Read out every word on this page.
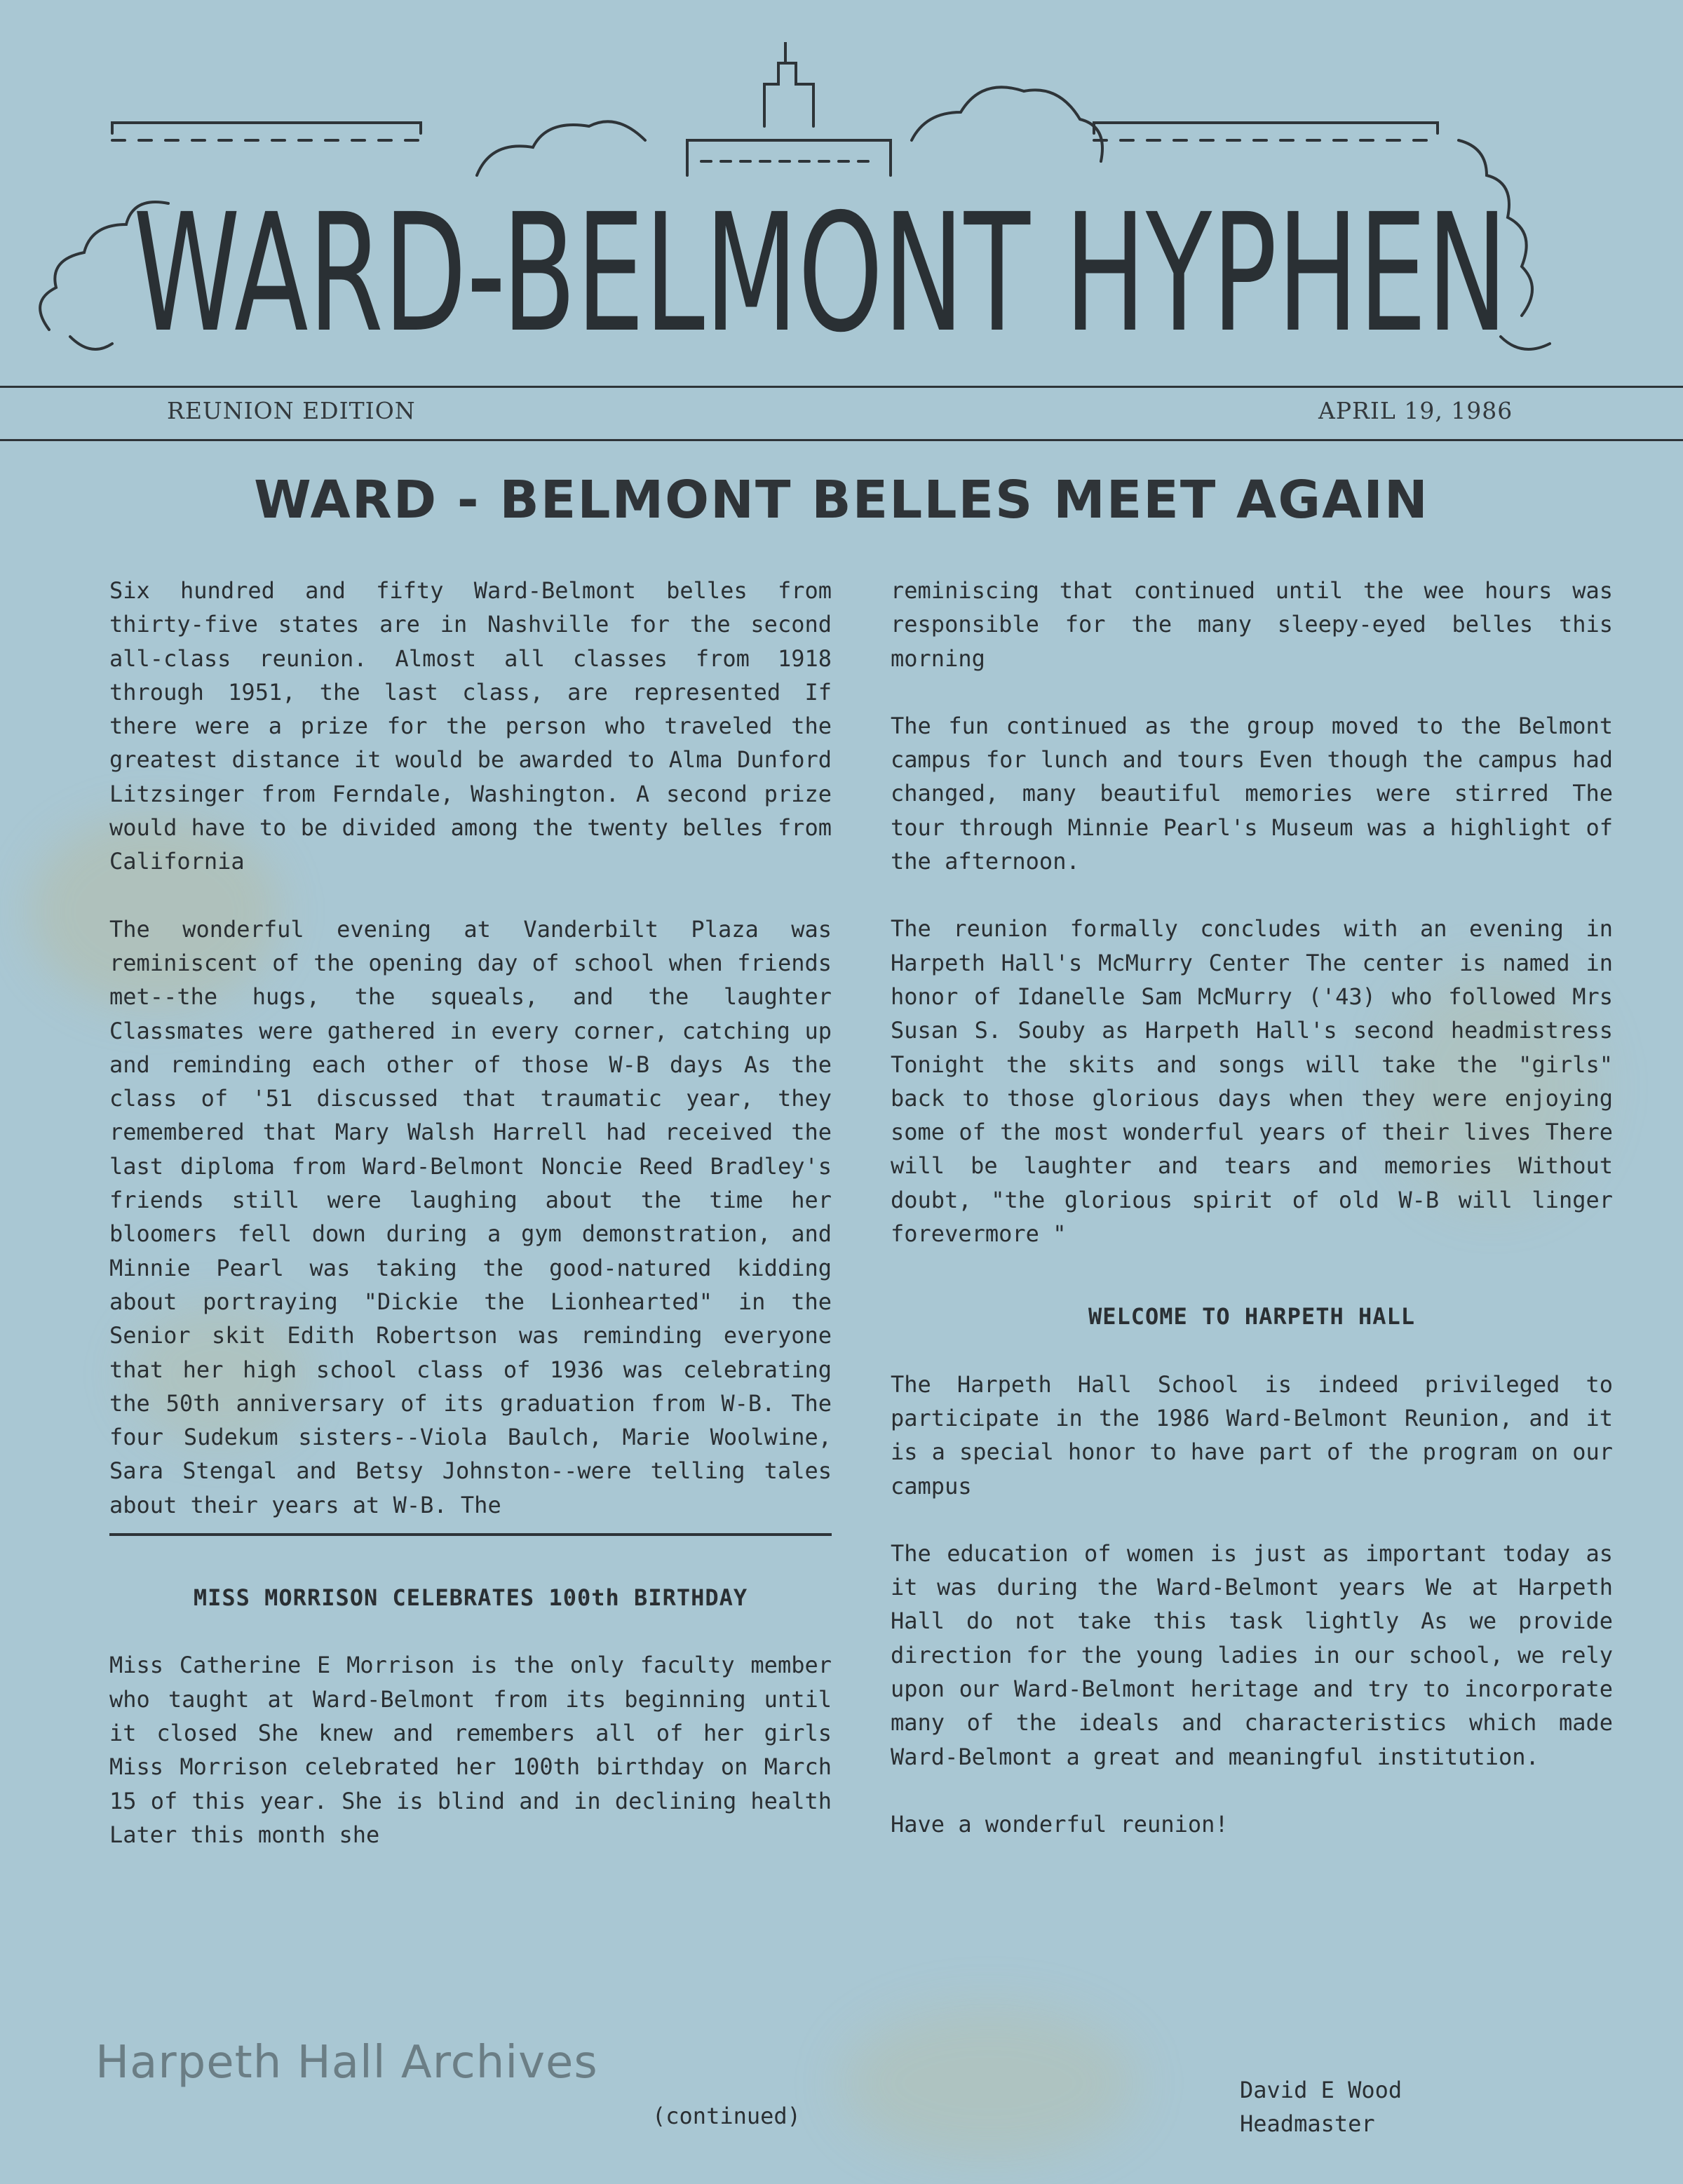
WARD-BELMONT HYPHEN
REUNION EDITION	APRIL 19, 1986
WARD - BELMONT BELLES MEET AGAIN

Six hundred and fifty Ward-Belmont belles from thirty-five states are in Nashville for the second all-class reunion. Almost all classes from 1918 through 1951, the last class, are represented If there were a prize for the person who traveled the greatest distance it would be awarded to Alma Dunford Litzsinger from Ferndale, Washington. A second prize would have to be divided among the twenty belles from California

The wonderful evening at Vanderbilt Plaza was reminiscent of the opening day of school when friends met--the hugs, the squeals, and the laughter Classmates were gathered in every corner, catching up and reminding each other of those W-B days As the class of '51 discussed that traumatic year, they remembered that Mary Walsh Harrell had received the last diploma from Ward-Belmont Noncie Reed Bradley's friends still were laughing about the time her bloomers fell down during a gym demonstration, and Minnie Pearl was taking the good-natured kidding about portraying "Dickie the Lionhearted" in the Senior skit Edith Robertson was reminding everyone that her high school class of 1936 was celebrating the 50th anniversary of its graduation from W-B. The four Sudekum sisters--Viola Baulch, Marie Woolwine, Sara Stengal and Betsy Johnston--were telling tales about their years at W-B. The

MISS MORRISON CELEBRATES 100th BIRTHDAY

Miss Catherine E Morrison is the only faculty member who taught at Ward-Belmont from its beginning until it closed She knew and remembers all of her girls Miss Morrison celebrated her 100th birthday on March 15 of this year. She is blind and in declining health Later this month she

(continued)

reminiscing that continued until the wee hours was responsible for the many sleepy-eyed belles this morning

The fun continued as the group moved to the Belmont campus for lunch and tours Even though the campus had changed, many beautiful memories were stirred The tour through Minnie Pearl's Museum was a highlight of the afternoon.

The reunion formally concludes with an evening in Harpeth Hall's McMurry Center The center is named in honor of Idanelle Sam McMurry ('43) who followed Mrs Susan S. Souby as Harpeth Hall's second headmistress Tonight the skits and songs will take the "girls" back to those glorious days when they were enjoying some of the most wonderful years of their lives There will be laughter and tears and memories Without doubt, "the glorious spirit of old W-B will linger forevermore "

WELCOME TO HARPETH HALL

The Harpeth Hall School is indeed privileged to participate in the 1986 Ward-Belmont Reunion, and it is a special honor to have part of the program on our campus

The education of women is just as important today as it was during the Ward-Belmont years We at Harpeth Hall do not take this task lightly As we provide direction for the young ladies in our school, we rely upon our Ward-Belmont heritage and try to incorporate many of the ideals and characteristics which made Ward-Belmont a great and meaningful institution.

Have a wonderful reunion!

David E Wood
Headmaster
Harpeth Hall Archives
